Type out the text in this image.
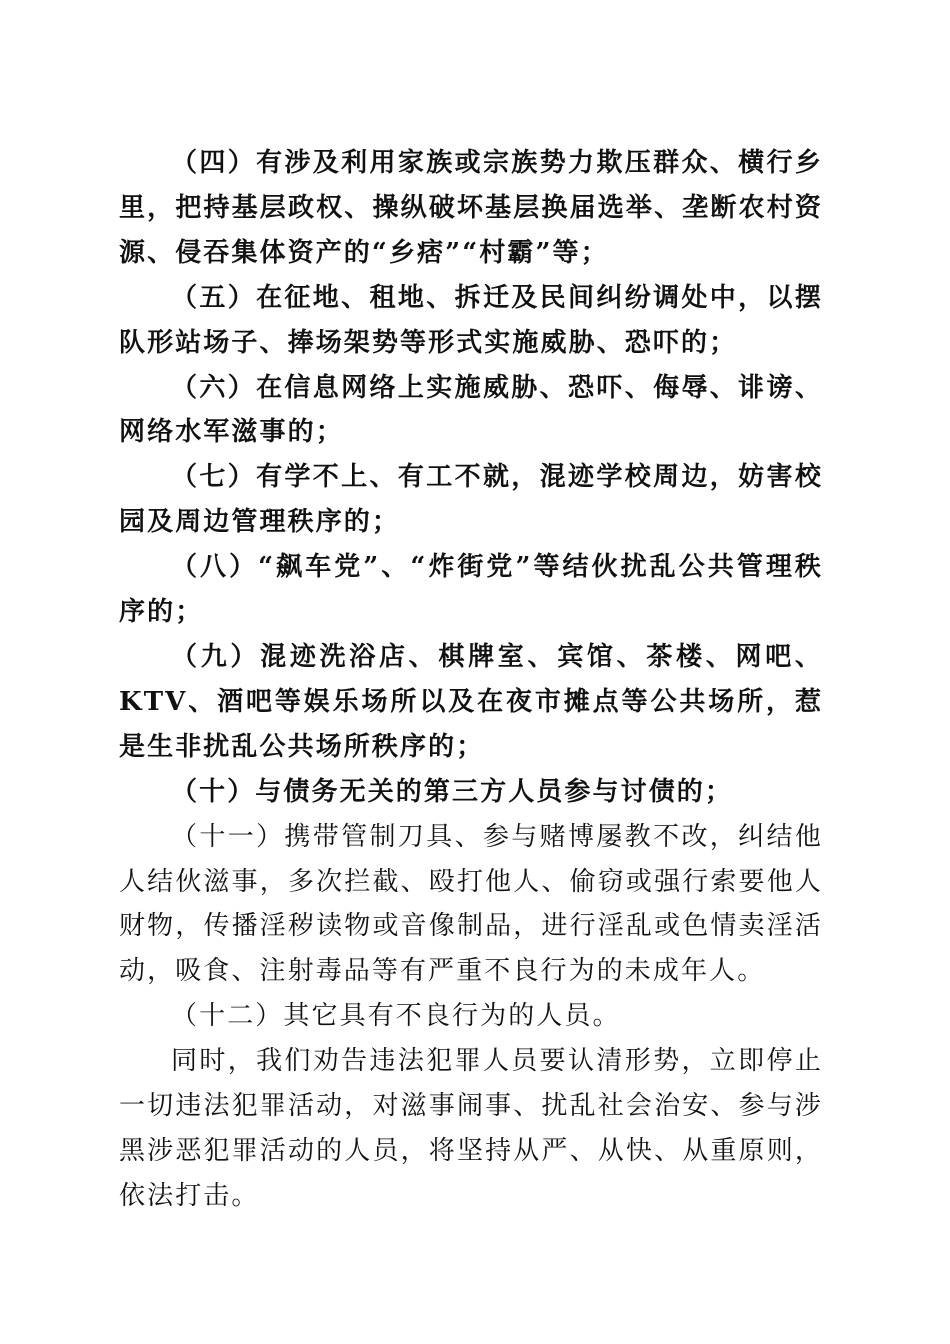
（四）有涉及利用家族或宗族势力欺压群众、横行乡里，把持基层政权、操纵破坏基层换届选举、垄断农村资源、侵吞集体资产的“乡痞”“村霸”等；

（五）在征地、租地、拆迁及民间纠纷调处中，以摆队形站场子、捧场架势等形式实施威胁、恐吓的；

（六）在信息网络上实施威胁、恐吓、侮辱、诽谤、网络水军滋事的；

（七）有学不上、有工不就，混迹学校周边，妨害校园及周边管理秩序的；

（八）“飙车党”、“炸街党”等结伙扰乱公共管理秩序的；

（九）混迹洗浴店、棋牌室、宾馆、茶楼、网吧、KTV、酒吧等娱乐场所以及在夜市摊点等公共场所，惹是生非扰乱公共场所秩序的；

（十）与债务无关的第三方人员参与讨债的；

（十一）携带管制刀具、参与赌博屡教不改，纠结他人结伙滋事，多次拦截、殴打他人、偷窃或强行索要他人财物，传播淫秽读物或音像制品，进行淫乱或色情卖淫活动，吸食、注射毒品等有严重不良行为的未成年人。

（十二）其它具有不良行为的人员。

同时，我们劝告违法犯罪人员要认清形势，立即停止一切违法犯罪活动，对滋事闹事、扰乱社会治安、参与涉黑涉恶犯罪活动的人员，将坚持从严、从快、从重原则，依法打击。
